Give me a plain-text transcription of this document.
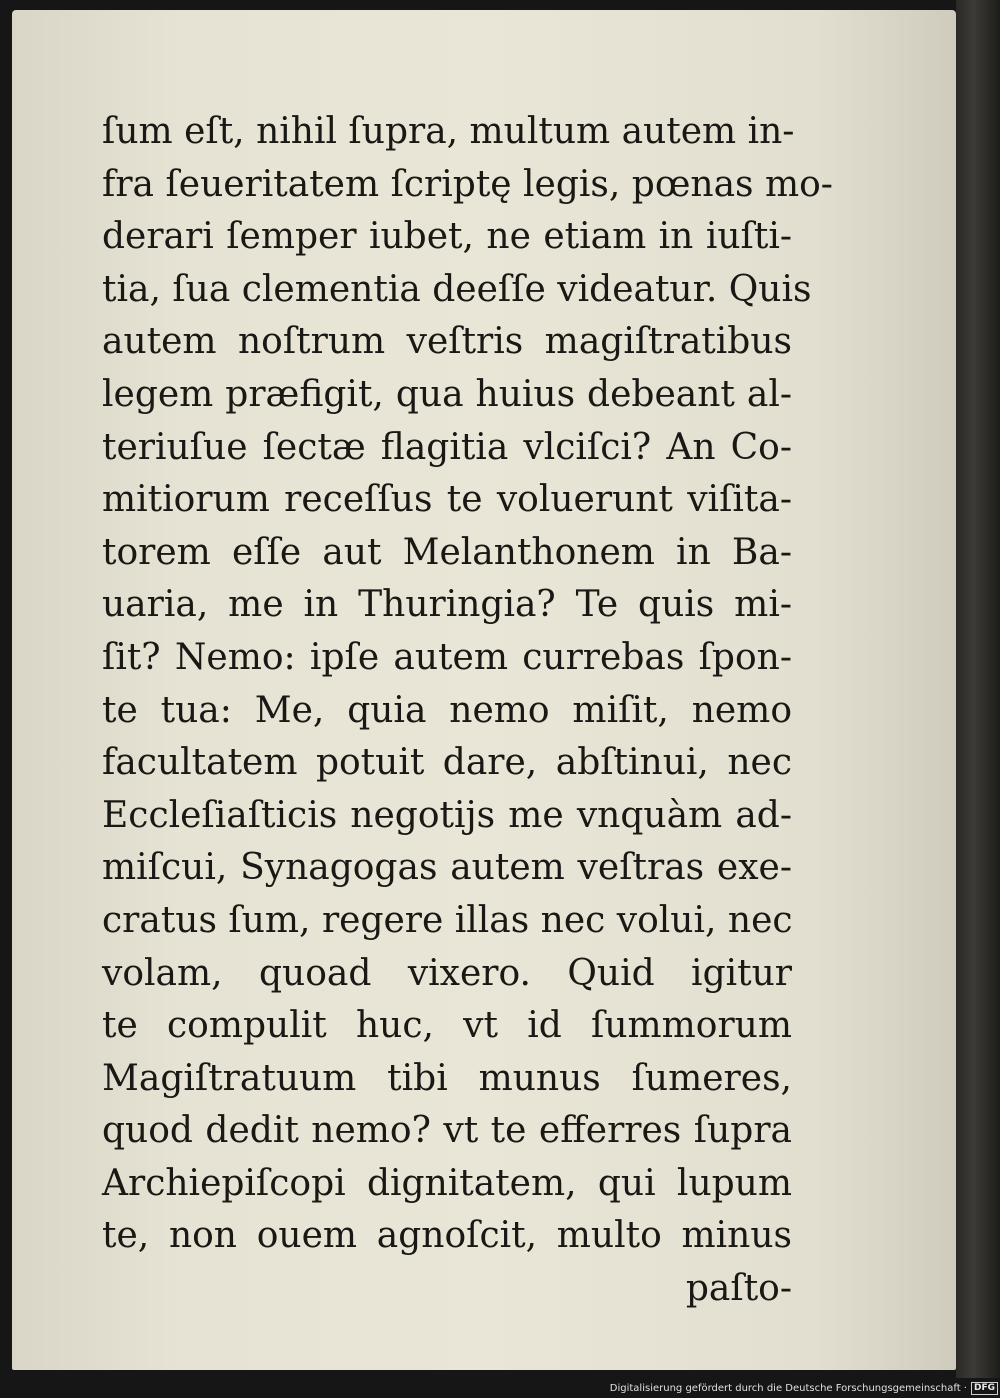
ſum eſt, nihil ſupra, multum autem in-
fra ſeueritatem ſcriptę legis, pœnas mo-
derari ſemper iubet, ne etiam in iuſti-
tia, ſua clementia deeſſe videatur. Quis
autem noſtrum veſtris magiſtratibus
legem præfigit, qua huius debeant al-
teriuſue ſectæ flagitia vlciſci? An Co-
mitiorum receſſus te voluerunt viſita-
torem eſſe aut Melanthonem in Ba-
uaria, me in Thuringia? Te quis mi-
ſit? Nemo: ipſe autem currebas ſpon-
te tua: Me, quia nemo miſit, nemo
facultatem potuit dare, abſtinui, nec
Eccleſiaſticis negotijs me vnquàm ad-
miſcui, Synagogas autem veſtras exe-
cratus ſum, regere illas nec volui, nec
volam, quoad vixero. Quid igitur
te compulit huc, vt id ſummorum
Magiſtratuum tibi munus ſumeres,
quod dedit nemo? vt te efferres ſupra
Archiepiſcopi dignitatem, qui lupum
te, non ouem agnoſcit, multo minus
paſto-
Digitalisierung gefördert durch die Deutsche Forschungsgemeinschaft · DFG
